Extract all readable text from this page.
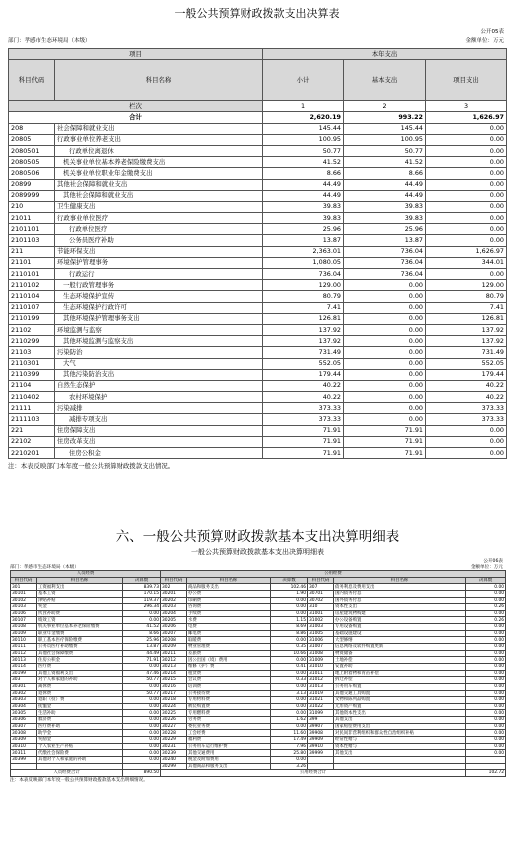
一般公共预算财政拨款支出决算表
公开05表
部门：孝感市生态环境局（本级）	金额单位：万元
项目		本年支出		
科目代码	科目名称	小计	基本支出	项目支出
栏次		1	2	3
合计		2,620.19	993.22	1,626.97
208	社会保障和就业支出	145.44	145.44	0.00
20805	行政事业单位养老支出	100.95	100.95	0.00
2080501	行政单位离退休	50.77	50.77	0.00
2080505	机关事业单位基本养老保险缴费支出	41.52	41.52	0.00
2080506	机关事业单位职业年金缴费支出	8.66	8.66	0.00
20899	其他社会保障和就业支出	44.49	44.49	0.00
2089999	其他社会保障和就业支出	44.49	44.49	0.00
210	卫生健康支出	39.83	39.83	0.00
21011	行政事业单位医疗	39.83	39.83	0.00
2101101	行政单位医疗	25.96	25.96	0.00
2101103	公务员医疗补助	13.87	13.87	0.00
211	节能环保支出	2,363.01	736.04	1,626.97
21101	环境保护管理事务	1,080.05	736.04	344.01
2110101	行政运行	736.04	736.04	0.00
2110102	一般行政管理事务	129.00	0.00	129.00
2110104	生态环境保护宣传	80.79	0.00	80.79
2110107	生态环境保护行政许可	7.41	0.00	7.41
2110199	其他环境保护管理事务支出	126.81	0.00	126.81
21102	环境监测与监察	137.92	0.00	137.92
2110299	其他环境监测与监察支出	137.92	0.00	137.92
21103	污染防治	731.49	0.00	731.49
2110301	大气	552.05	0.00	552.05
2110399	其他污染防治支出	179.44	0.00	179.44
21104	自然生态保护	40.22	0.00	40.22
2110402	农村环境保护	40.22	0.00	40.22
21111	污染减排	373.33	0.00	373.33
2111103	减排专项支出	373.33	0.00	373.33
221	住房保障支出	71.91	71.91	0.00
22102	住房改革支出	71.91	71.91	0.00
2210201	住房公积金	71.91	71.91	0.00
注：本表反映部门本年度一般公共预算财政拨款支出情况。
六、一般公共预算财政拨款基本支出决算明细表
一般公共预算财政拨款基本支出决算明细表
公开06表
部门：孝感市生态环境局（本级）	金额单位：万元
人员经费			公用经费					
科目代码	科目名称	决算数	科目代码	科目名称	决算数	科目代码	科目名称	决算数
301	工资福利支出	839.73	302	商品和服务支出	102.46	307	债务利息及费用支出	0.00
30101	基本工资	170.15	30201	办公费	1.90	30701	国内债务付息	0.00
30102	津贴补贴	119.37	30202	印刷费	0.00	30702	国外债务付息	0.00
30103	奖金	296.34	30203	咨询费	0.00	310	资本性支出	0.26
30106	伙食补助费	0.00	30204	手续费	0.00	31001	房屋建筑物购建	0.00
30107	绩效工资	0.00	30205	水费	1.15	31002	办公设备购置	0.26
30108	机关事业单位基本养老保险缴费	41.52	30206	电费	8.69	31003	专用设备购置	0.00
30109	职业年金缴费	8.66	30207	邮电费	8.86	31005	基础设施建设	0.00
30110	职工基本医疗保险缴费	25.96	30208	取暖费	0.00	31006	大型修缮	0.00
30111	公务员医疗补助缴费	13.87	30209	物业管理费	0.35	31007	信息网络及软件购置更新	0.00
30112	其他社会保障缴费	44.49	30211	差旅费	10.66	31008	物资储备	0.00
30113	住房公积金	71.91	30212	因公出国（境）费用	0.00	31009	土地补偿	0.00
30114	医疗费	0.00	30213	维修（护）费	0.41	31010	安置补助	0.00
30199	其他工资福利支出	47.46	30214	租赁费	0.00	31011	地上附着物和青苗补偿	0.00
303	对个人和家庭的补助	50.77	30215	会议费	0.33	31012	拆迁补偿	0.00
30301	离休费	0.00	30216	培训费	0.00	31013	公务用车购置	0.00
30302	退休费	50.77	30217	公务接待费	3.13	31019	其他交通工具购置	0.00
30303	退职（役）费	0.00	30218	专用材料费	0.00	31021	文物和陈列品购置	0.00
30304	抚恤金	0.00	30224	被装购置费	0.00	31022	无形资产购置	0.00
30305	生活补助	0.00	30225	专用燃料费	0.00	31099	其他资本性支出	0.00
30306	救济费	0.00	30226	劳务费	1.62	399	其他支出	0.00
30307	医疗费补助	0.00	30227	委托业务费	0.00	39907	国家赔偿费用支出	0.00
30308	助学金	0.00	30228	工会经费	11.60	39908	对民间非营利组织和群众性自治组织补贴	0.00
30309	奖励金	0.00	30229	福利费	17.49	39909	经常性赠与	0.00
30310	个人农业生产补贴	0.00	30231	公务用车运行维护费	7.96	39910	资本性赠与	0.00
30311	代缴社会保险费	0.00	30239	其他交通费用	25.80	39999	其他支出	0.00
30399	其他对个人和家庭的补助	0.00	30240	税金及附加费用	0.00			
			30299	其他商品和服务支出	3.26			
人员经费合计		890.50	公用经费合计					102.72
注：本表反映部门本年度一般公共预算财政拨款基本支出明细情况。
